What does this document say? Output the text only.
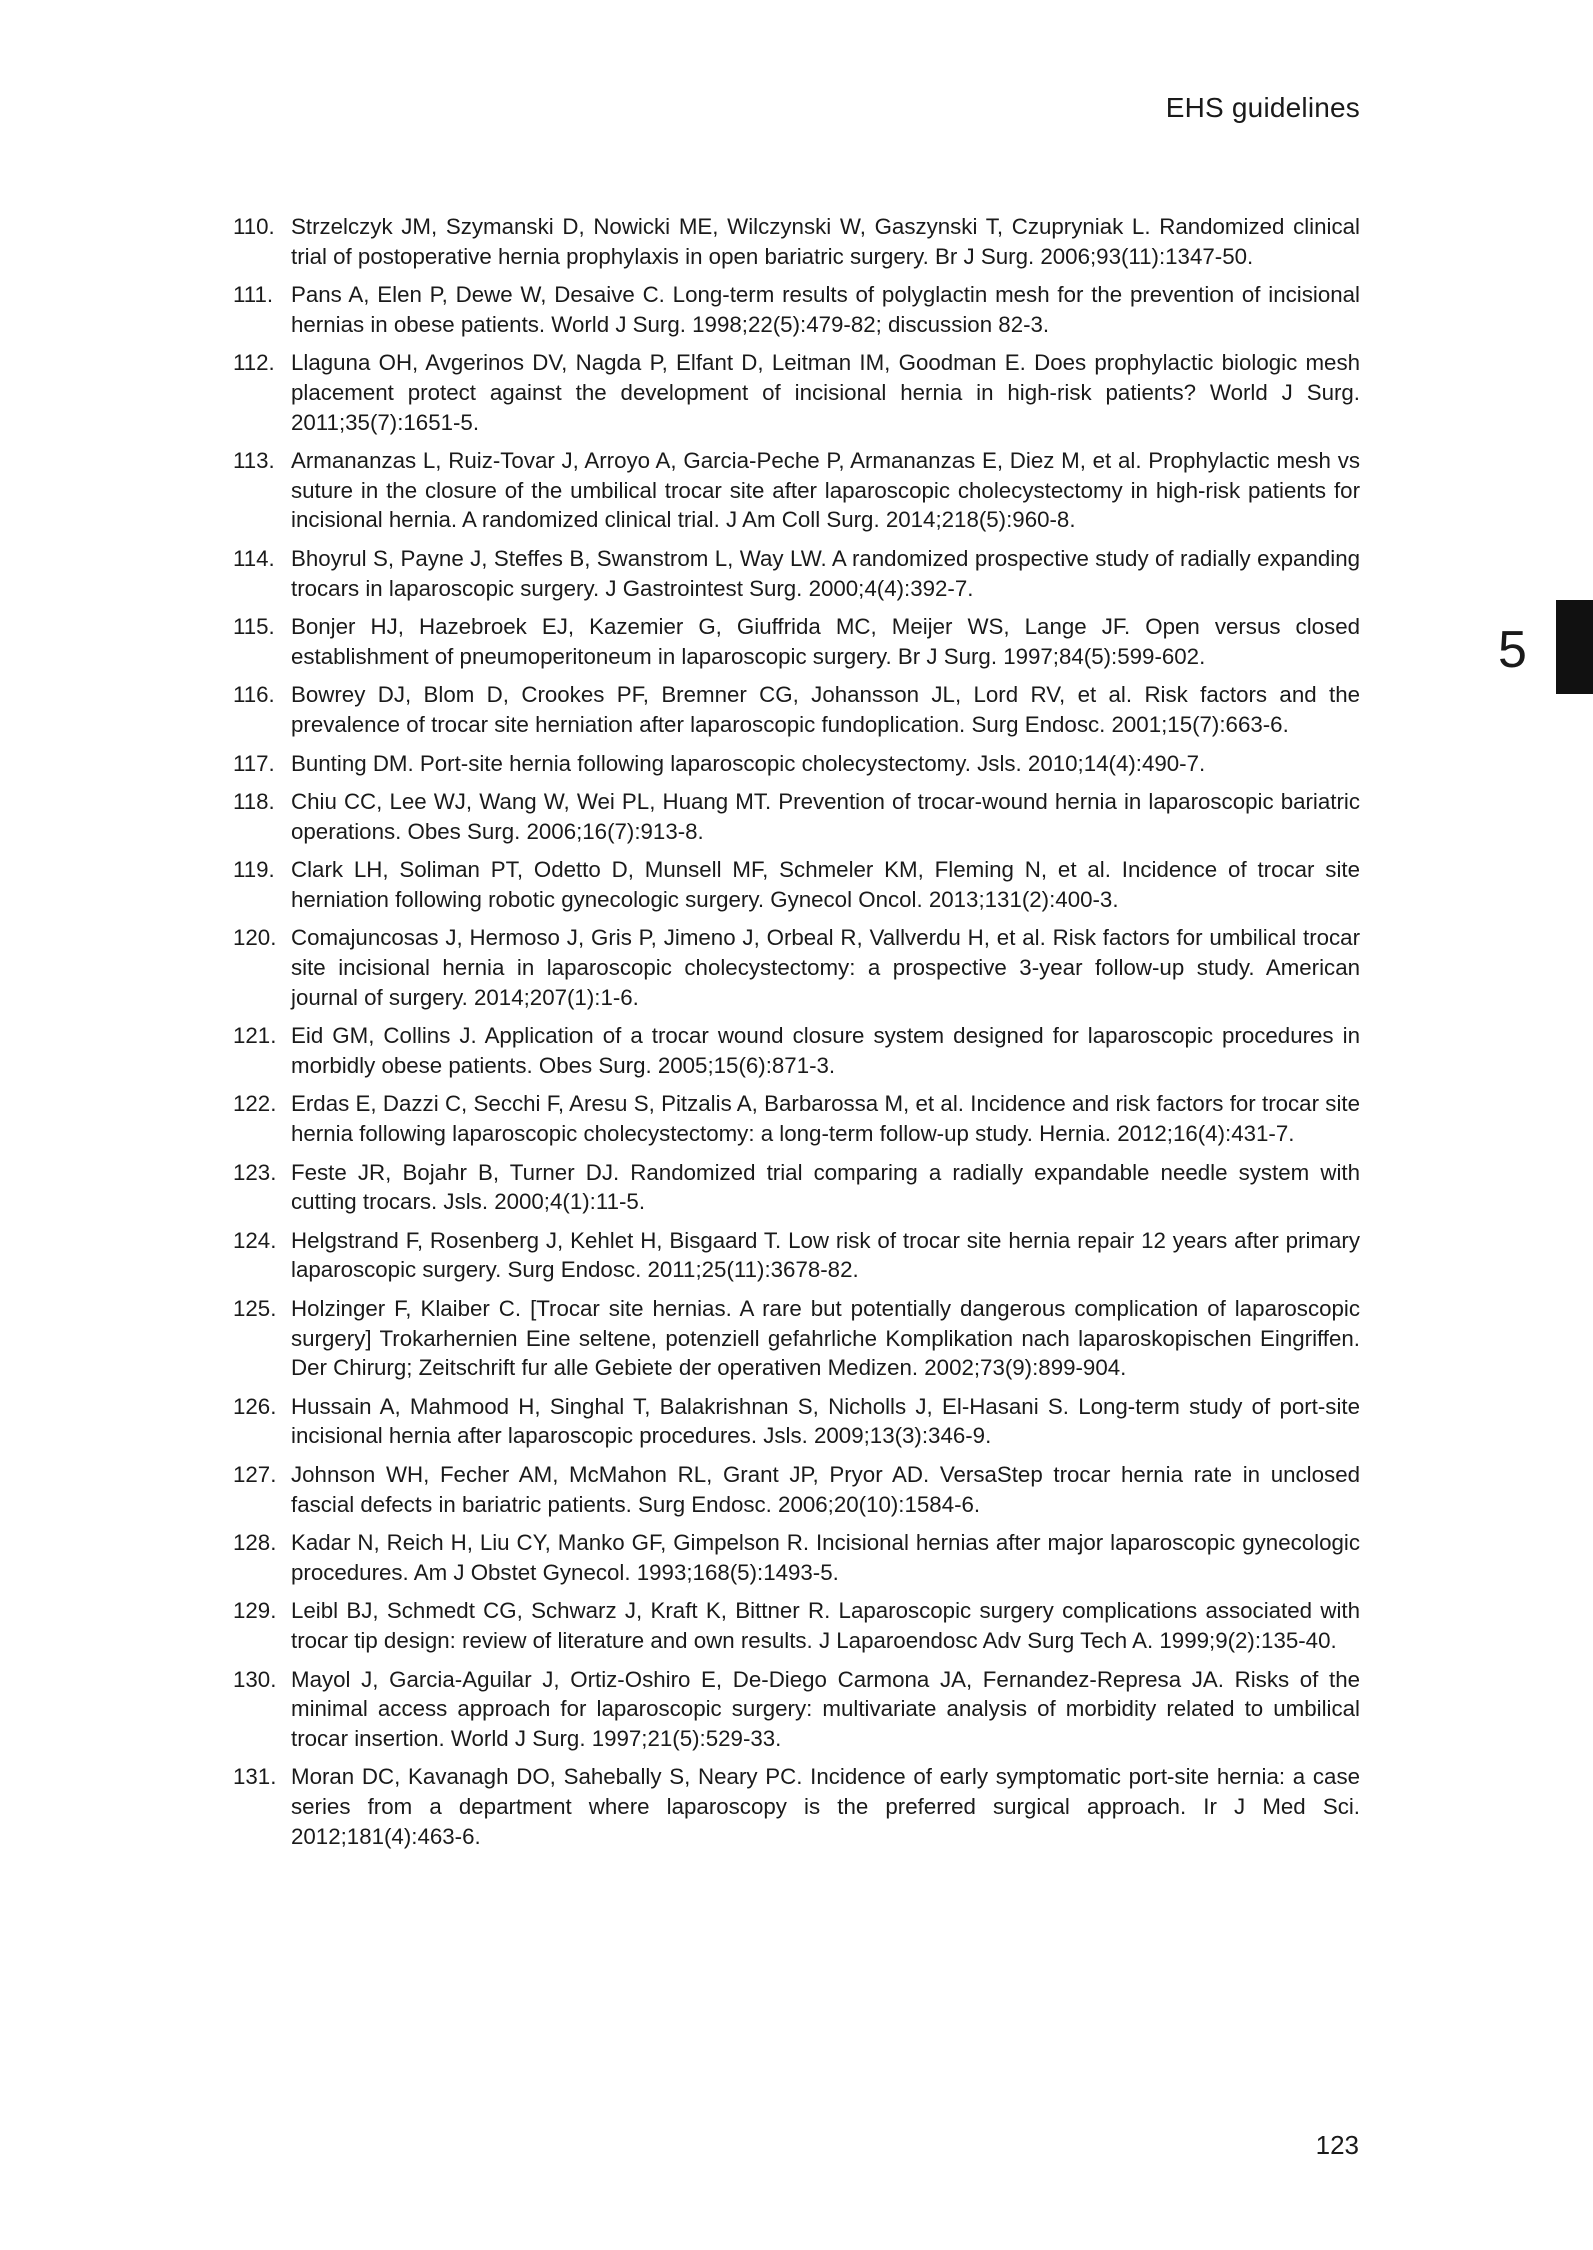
EHS guidelines
5
110. Strzelczyk JM, Szymanski D, Nowicki ME, Wilczynski W, Gaszynski T, Czupryniak L. Randomized clinical trial of postoperative hernia prophylaxis in open bariatric surgery. Br J Surg. 2006;93(11):1347-50.
111. Pans A, Elen P, Dewe W, Desaive C. Long-term results of polyglactin mesh for the prevention of incisional hernias in obese patients. World J Surg. 1998;22(5):479-82; discussion 82-3.
112. Llaguna OH, Avgerinos DV, Nagda P, Elfant D, Leitman IM, Goodman E. Does prophylactic biologic mesh placement protect against the development of incisional hernia in high-risk patients? World J Surg. 2011;35(7):1651-5.
113. Armananzas L, Ruiz-Tovar J, Arroyo A, Garcia-Peche P, Armananzas E, Diez M, et al. Prophylactic mesh vs suture in the closure of the umbilical trocar site after laparoscopic cholecystectomy in high-risk patients for incisional hernia. A randomized clinical trial. J Am Coll Surg. 2014;218(5):960-8.
114. Bhoyrul S, Payne J, Steffes B, Swanstrom L, Way LW. A randomized prospective study of radially expanding trocars in laparoscopic surgery. J Gastrointest Surg. 2000;4(4):392-7.
115. Bonjer HJ, Hazebroek EJ, Kazemier G, Giuffrida MC, Meijer WS, Lange JF. Open versus closed establishment of pneumoperitoneum in laparoscopic surgery. Br J Surg. 1997;84(5):599-602.
116. Bowrey DJ, Blom D, Crookes PF, Bremner CG, Johansson JL, Lord RV, et al. Risk factors and the prevalence of trocar site herniation after laparoscopic fundoplication. Surg Endosc. 2001;15(7):663-6.
117. Bunting DM. Port-site hernia following laparoscopic cholecystectomy. Jsls. 2010;14(4):490-7.
118. Chiu CC, Lee WJ, Wang W, Wei PL, Huang MT. Prevention of trocar-wound hernia in laparoscopic bariatric operations. Obes Surg. 2006;16(7):913-8.
119. Clark LH, Soliman PT, Odetto D, Munsell MF, Schmeler KM, Fleming N, et al. Incidence of trocar site herniation following robotic gynecologic surgery. Gynecol Oncol. 2013;131(2):400-3.
120. Comajuncosas J, Hermoso J, Gris P, Jimeno J, Orbeal R, Vallverdu H, et al. Risk factors for umbilical trocar site incisional hernia in laparoscopic cholecystectomy: a prospective 3-year follow-up study. American journal of surgery. 2014;207(1):1-6.
121. Eid GM, Collins J. Application of a trocar wound closure system designed for laparoscopic procedures in morbidly obese patients. Obes Surg. 2005;15(6):871-3.
122. Erdas E, Dazzi C, Secchi F, Aresu S, Pitzalis A, Barbarossa M, et al. Incidence and risk factors for trocar site hernia following laparoscopic cholecystectomy: a long-term follow-up study. Hernia. 2012;16(4):431-7.
123. Feste JR, Bojahr B, Turner DJ. Randomized trial comparing a radially expandable needle system with cutting trocars. Jsls. 2000;4(1):11-5.
124. Helgstrand F, Rosenberg J, Kehlet H, Bisgaard T. Low risk of trocar site hernia repair 12 years after primary laparoscopic surgery. Surg Endosc. 2011;25(11):3678-82.
125. Holzinger F, Klaiber C. [Trocar site hernias. A rare but potentially dangerous complication of laparoscopic surgery] Trokarhernien Eine seltene, potenziell gefahrliche Komplikation nach laparoskopischen Eingriffen. Der Chirurg; Zeitschrift fur alle Gebiete der operativen Medizen. 2002;73(9):899-904.
126. Hussain A, Mahmood H, Singhal T, Balakrishnan S, Nicholls J, El-Hasani S. Long-term study of port-site incisional hernia after laparoscopic procedures. Jsls. 2009;13(3):346-9.
127. Johnson WH, Fecher AM, McMahon RL, Grant JP, Pryor AD. VersaStep trocar hernia rate in unclosed fascial defects in bariatric patients. Surg Endosc. 2006;20(10):1584-6.
128. Kadar N, Reich H, Liu CY, Manko GF, Gimpelson R. Incisional hernias after major laparoscopic gynecologic procedures. Am J Obstet Gynecol. 1993;168(5):1493-5.
129. Leibl BJ, Schmedt CG, Schwarz J, Kraft K, Bittner R. Laparoscopic surgery complications associated with trocar tip design: review of literature and own results. J Laparoendosc Adv Surg Tech A. 1999;9(2):135-40.
130. Mayol J, Garcia-Aguilar J, Ortiz-Oshiro E, De-Diego Carmona JA, Fernandez-Represa JA. Risks of the minimal access approach for laparoscopic surgery: multivariate analysis of morbidity related to umbilical trocar insertion. World J Surg. 1997;21(5):529-33.
131. Moran DC, Kavanagh DO, Sahebally S, Neary PC. Incidence of early symptomatic port-site hernia: a case series from a department where laparoscopy is the preferred surgical approach. Ir J Med Sci. 2012;181(4):463-6.
123
